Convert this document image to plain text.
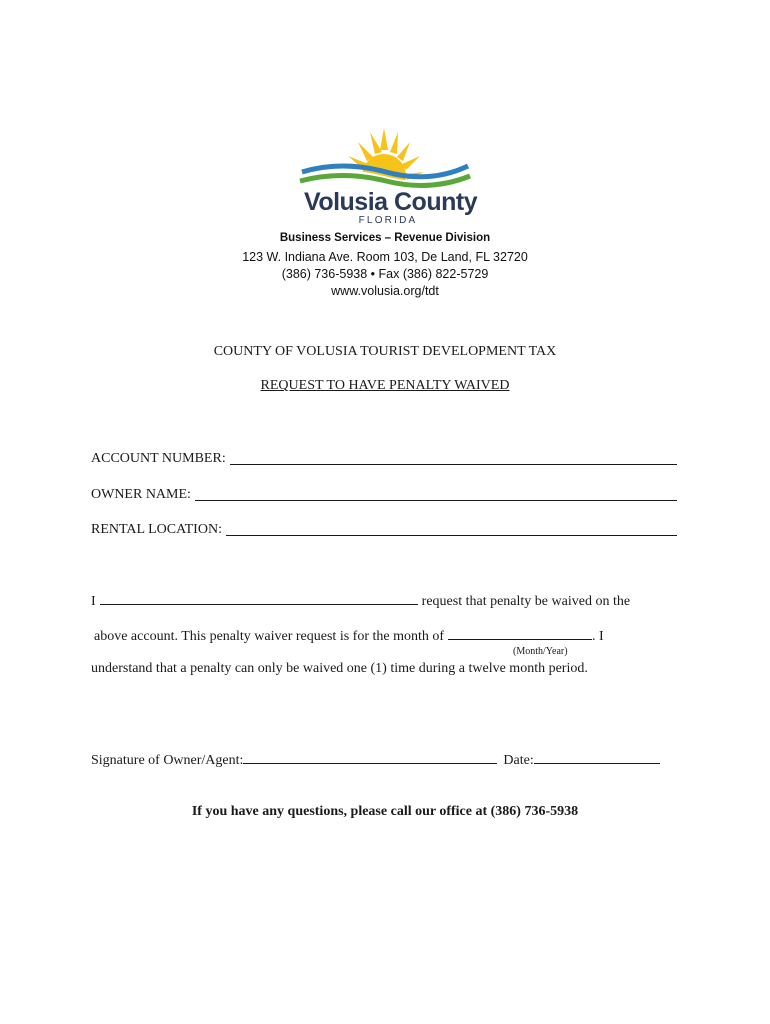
Volusia County
FLORIDA
Business Services – Revenue Division
123 W. Indiana Ave. Room 103, De Land, FL 32720
(386) 736-5938 • Fax (386) 822-5729
www.volusia.org/tdt
COUNTY OF VOLUSIA TOURIST DEVELOPMENT TAX
REQUEST TO HAVE PENALTY WAIVED
ACCOUNT NUMBER:
OWNER NAME:
RENTAL LOCATION:
I	request that penalty be waived on the
above account. This penalty waiver request is for the month of	. I
(Month/Year)
understand that a penalty can only be waived one (1) time during a twelve month period.
Signature of Owner/Agent:	Date:
If you have any questions, please call our office at (386) 736-5938
